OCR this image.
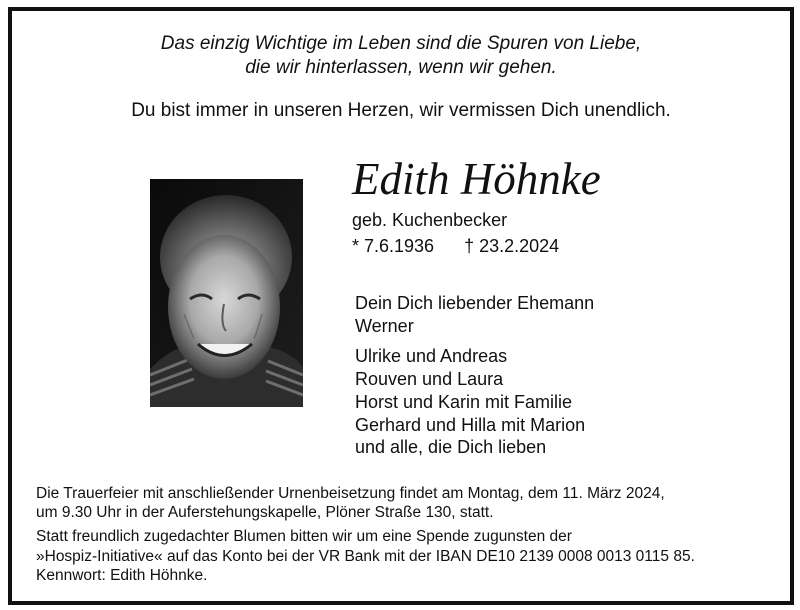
Das einzig Wichtige im Leben sind die Spuren von Liebe,
die wir hinterlassen, wenn wir gehen.
Du bist immer in unseren Herzen, wir vermissen Dich unendlich.
Edith Höhnke
geb. Kuchenbecker
* 7.6.1936 † 23.2.2024
Dein Dich liebender Ehemann
Werner
Ulrike und Andreas
Rouven und Laura
Horst und Karin mit Familie
Gerhard und Hilla mit Marion
und alle, die Dich lieben
Die Trauerfeier mit anschließender Urnenbeisetzung findet am Montag, dem 11. März 2024,
um 9.30 Uhr in der Auferstehungskapelle, Plöner Straße 130, statt.
Statt freundlich zugedachter Blumen bitten wir um eine Spende zugunsten der
»Hospiz-Initiative« auf das Konto bei der VR Bank mit der IBAN DE10 2139 0008 0013 0115 85.
Kennwort: Edith Höhnke.
